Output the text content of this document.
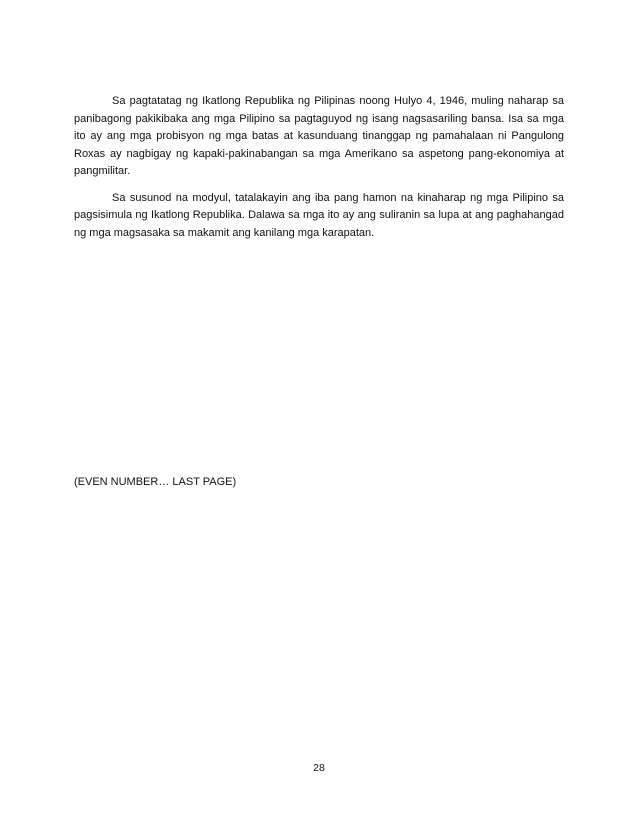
Sa pagtatatag ng Ikatlong Republika ng Pilipinas noong Hulyo 4, 1946, muling naharap sa panibagong pakikibaka ang mga Pilipino sa pagtaguyod ng isang nagsasariling bansa. Isa sa mga ito ay ang mga probisyon ng mga batas at kasunduang tinanggap ng pamahalaan ni Pangulong Roxas ay nagbigay ng kapaki-pakinabangan sa mga Amerikano sa aspetong pang-ekonomiya at pangmilitar.

Sa susunod na modyul, tatalakayin ang iba pang hamon na kinaharap ng mga Pilipino sa pagsisimula ng Ikatlong Republika. Dalawa sa mga ito ay ang suliranin sa lupa at ang paghahangad ng mga magsasaka sa makamit ang kanilang mga karapatan.

(EVEN NUMBER… LAST PAGE)
28
